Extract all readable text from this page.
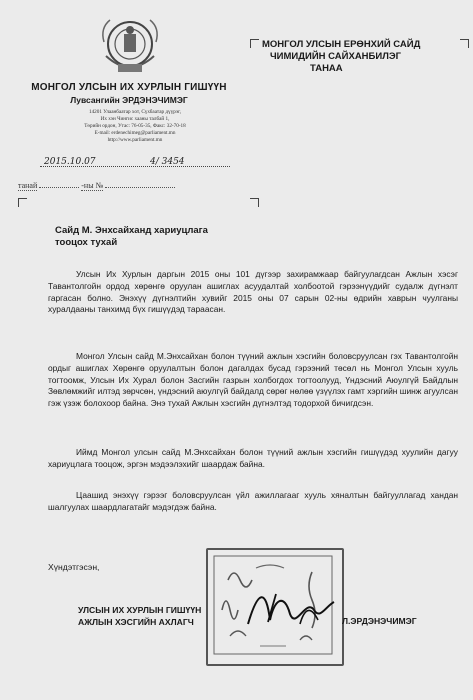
МОНГОЛ УЛСЫН ИХ ХУРЛЫН ГИШҮҮН
Лувсангийн ЭРДЭНЭЧИМЭГ
14201 Улаанбаатар хот, Сүхбаатар дүүрэг,
Их хэн Чингис хааны талбай 1,
Төрийн ордон, Утас: 76-05-35, Факс: 32-70-18
E-mail: erdenechimeg@parliament.mn
http://www.parliament.mn
2015.10.07	4/ 3454
танай	-ны №
МОНГОЛ УЛСЫН ЕРӨНХИЙ САЙД
ЧИМИДИЙН САЙХАНБИЛЭГ
ТАНАА
Сайд М. Энхсайханд хариуцлага
тооцох тухай
Улсын Их Хурлын даргын 2015 оны 101 дүгээр захирамжаар байгуулагдсан Ажлын хэсэг Тавантолгойн ордод хөрөнгө оруулан ашиглах асуудалтай холбоотой гэрээнүүдийг судалж дүгнэлт гаргасан болно. Энэхүү дүгнэлтийн хувийг 2015 оны 07 сарын 02-ны өдрийн хаврын чуулганы хуралдааны танхимд бүх гишүүдэд тараасан.
Монгол Улсын сайд М.Энхсайхан болон түүний ажлын хэсгийн боловсруулсан гэх Тавантолгойн ордыг ашиглах Хөрөнгө оруулалтын болон дагалдах бусад гэрээний төсөл нь Монгол Улсын хууль тогтоомж, Улсын Их Хурал болон Засгийн газрын холбогдох тогтоолууд, Үндэсний Аюулгүй Байдлын Зөвлөмжийг илтэд зөрчсөн, үндэсний аюулгүй байдалд сөрөг нөлөө үзүүлэх гамт хэргийн шинж агуулсан гэж үзэж болохоор байна. Энэ тухай Ажлын хэсгийн дүгнэлтэд тодорхой бичигдсэн.
Иймд Монгол улсын сайд М.Энхсайхан болон түүний ажлын хэсгийн гишүүдэд хуулийн дагуу хариуцлага тооцож, эргэн мэдээлэхийг шаардаж байна.
Цаашид энэхүү гэрээг боловсруулсан үйл ажиллагааг хууль хяналтын байгууллагад хандан шалгуулах шаардлагатайг мэдэгдэж байна.
Хүндэтгэсэн,
УЛСЫН ИХ ХУРЛЫН ГИШҮҮН
АЖЛЫН ХЭСГИЙН АХЛАГЧ	Л.ЭРДЭНЭЧИМЭГ
